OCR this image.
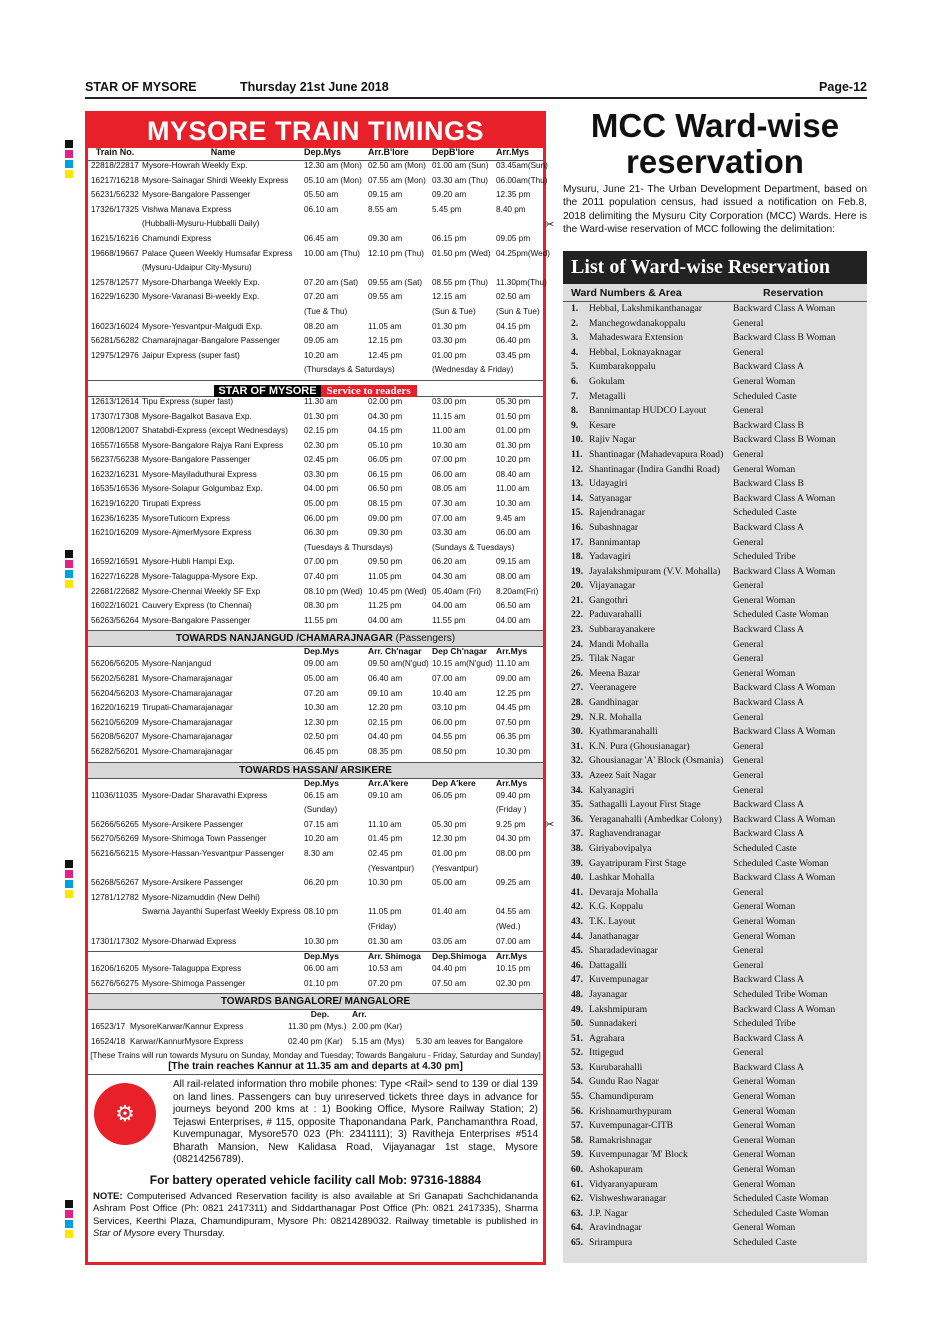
STAR OF MYSORE	Thursday 21st June 2018	Page-12
MYSORE TRAIN TIMINGS
Train No.	Name	Dep.Mys	Arr.B'lore	DepB'lore	Arr.Mys
22818/22817	Mysore-Howrah Weekly Exp.	12.30 am (Mon)	02.50 am (Mon)	01.00 am (Sun)	03.45am(Sun)
16217/16218	Mysore-Sainagar Shirdi Weekly Express	05.10 am (Mon)	07.55 am (Mon)	03.30 am (Thu)	06.00am(Thu)
56231/56232	Mysore-Bangalore Passenger	05.50 am	09.15 am	09.20 am	12.35 pm
17326/17325	Vishwa Manava Express	06.10 am	8.55 am	5.45 pm	8.40 pm
	(Hubballi-Mysuru-Hubballi Daily)				
16215/16216	Chamundi Express	06.45 am	09.30 am	06.15 pm	09.05 pm
19668/19667	Palace Queen Weekly Humsafar Express	10.00 am (Thu)	12.10 pm (Thu)	01.50 pm (Wed)	04.25pm(Wed)
	(Mysuru-Udaipur City-Mysuru)				
12578/12577	Mysore-Dharbanga Weekly Exp.	07.20 am (Sat)	09.55 am (Sat)	08.55 pm (Thu)	11.30pm(Thu)
16229/16230	Mysore-Varanasi Bi-weekly Exp.	07.20 am	09.55 am	12.15 am	02.50 am
		(Tue & Thu)		(Sun & Tue)	(Sun & Tue)
16023/16024	Mysore-Yesvantpur-Malgudi Exp.	08.20 am	11.05 am	01.30 pm	04.15 pm
56281/56282	Chamarajnagar-Bangalore Passenger	09.05 am	12.15 pm	03.30 pm	06.40 pm
12975/12976	Jaipur Express (super fast)	10.20 am	12.45 pm	01.00 pm	03.45 pm
		(Thursdays & Saturdays)		(Wednesday & Friday)	
STAR OF MYSORE Service to readers
12613/12614	Tipu Express (super fast)	11.30 am	02.00 pm	03.00 pm	05.30 pm
17307/17308	Mysore-Bagalkot Basava Exp.	01.30 pm	04.30 pm	11.15 am	01.50 pm
12008/12007	Shatabdi-Express (except Wednesdays)	02.15 pm	04.15 pm	11.00 am	01.00 pm
16557/16558	Mysore-Bangalore Rajya Rani Express	02.30 pm	05.10 pm	10.30 am	01.30 pm
56237/56238	Mysore-Bangalore Passenger	02.45 pm	06.05 pm	07.00 pm	10.20 pm
16232/16231	Mysore-Mayiladuthurai Express	03.30 pm	06.15 pm	06.00 am	08.40 am
16535/16536	Mysore-Solapur Golgumbaz Exp.	04.00 pm	06.50 pm	08.05 am	11.00 am
16219/16220	Tirupati Express	05.00 pm	08.15 pm	07.30 am	10.30 am
16236/16235	MysoreTuticorn Express	06.00 pm	09.00 pm	07.00 am	9.45 am
16210/16209	Mysore-AjmerMysore Express	06.30 pm	09.30 pm	03.30 am	06.00 am
		(Tuesdays & Thursdays)		(Sundays & Tuesdays)	
16592/16591	Mysore-Hubli Hampi Exp.	07.00 pm	09.50 pm	06.20 am	09.15 am
16227/16228	Mysore-Talaguppa-Mysore Exp.	07.40 pm	11.05 pm	04.30 am	08.00 am
22681/22682	Mysore-Chennai Weekly SF Exp	08.10 pm (Wed)	10.45 pm (Wed)	05.40am (Fri)	8.20am(Fri)
16022/16021	Cauvery Express (to Chennai)	08.30 pm	11.25 pm	04.00 am	06.50 am
56263/56264	Mysore-Bangalore Passenger	11.55 pm	04.00 am	11.55 pm	04.00 am
TOWARDS NANJANGUD /CHAMARAJNAGAR (Passengers)
		Dep.Mys	Arr. Ch'nagar	Dep Ch'nagar	Arr.Mys
56206/56205	Mysore-Nanjangud	09.00 am	09.50 am(N'gud)	10.15 am(N'gud)	11.10 am
56202/56281	Mysore-Chamarajanagar	05.00 am	06.40 am	07.00 am	09.00 am
56204/56203	Mysore-Chamarajanagar	07.20 am	09.10 am	10.40 am	12.25 pm
16220/16219	Tirupati-Chamarajanagar	10.30 am	12.20 pm	03.10 pm	04.45 pm
56210/56209	Mysore-Chamarajanagar	12.30 pm	02.15 pm	06.00 pm	07.50 pm
56208/56207	Mysore-Chamarajanagar	02.50 pm	04.40 pm	04.55 pm	06.35 pm
56282/56201	Mysore-Chamarajanagar	06.45 pm	08.35 pm	08.50 pm	10.30 pm
TOWARDS HASSAN/ ARSIKERE
		Dep.Mys	Arr.A'kere	Dep A'kere	Arr.Mys
11036/11035	Mysore-Dadar Sharavathi Express	06.15 am	09.10 am	06.05 pm	09.40 pm
		(Sunday)			(Friday )
56266/56265	Mysore-Arsikere Passenger	07.15 am	11.10 am	05.30 pm	9.25 pm
56270/56269	Mysore-Shimoga Town Passenger	10.20 am	01.45 pm	12.30 pm	04.30 pm
56216/56215	Mysore-Hassan-Yesvantpur Passenger	8.30 am	02.45 pm	01.00 pm	08.00 pm
			(Yesvantpur)	(Yesvantpur)	
56268/56267	Mysore-Arsikere Passenger	06.20 pm	10.30 pm	05.00 am	09.25 am
12781/12782	Mysore-Nizamuddin (New Delhi)				
	Swarna Jayanthi Superfast Weekly Express	08.10 pm	11.05 pm	01.40 am	04.55 am
			(Friday)		(Wed.)
17301/17302	Mysore-Dharwad Express	10.30 pm	01.30 am	03.05 am	07.00 am
		Dep.Mys	Arr. Shimoga	Dep.Shimoga	Arr.Mys
16206/16205	Mysore-Talaguppa Express	06.00 am	10.53 am	04.40 pm	10.15 pm
56276/56275	Mysore-Shimoga Passenger	01.10 pm	07.20 pm	07.50 am	02.30 pm
TOWARDS BANGALORE/ MANGALORE
		Dep.	Arr.	
16523/17	MysoreKarwar/Kannur Express	11.30 pm (Mys.)	2.00 pm (Kar)	
16524/18	Karwar/KannurMysore Express	02.40 pm (Kar)	5.15 am (Mys)	5.30 am leaves for Bangalore
[These Trains will run towards Mysuru on Sunday, Monday and Tuesday; Towards Bangaluru - Friday, Saturday and Sunday]
[The train reaches Kannur at 11.35 am and departs at 4.30 pm]
⚙
All rail-related information thro mobile phones: Type <Rail> send to 139 or dial 139 on land lines. Passengers can buy unreserved tickets three days in advance for journeys beyond 200 kms at : 1) Booking Office, Mysore Railway Station; 2) Tejaswi Enterprises, # 115, opposite Thaponandana Park, Panchamanthra Road, Kuvempunagar, Mysore570 023 (Ph: 2341111); 3) Ravitheja Enterprises #514 Bharath Mansion, New Kalidasa Road, Vijayanagar 1st stage, Mysore (08214256789).
For battery operated vehicle facility call Mob: 97316-18884
NOTE: Computerised Advanced Reservation facility is also available at Sri Ganapati Sachchidananda Ashram Post Office (Ph: 0821 2417311) and Siddarthanagar Post Office (Ph: 0821 2417335), Sharma Services, Keerthi Plaza, Chamundipuram, Mysore Ph: 08214289032. Railway timetable is published in Star of Mysore every Thursday.
✂
✂
MCC Ward-wise
reservation
Mysuru, June 21- The Urban Development Department, based on the 2011 population census, had issued a notification on Feb.8, 2018 delimiting the Mysuru City Corporation (MCC) Wards. Here is the Ward-wise reservation of MCC following the delimitation:
List of Ward-wise Reservation
Ward Numbers & Area	Reservation
1. Hebbal, Lakshmikanthanagar	Backward Class A Woman
2. Manchegowdanakoppalu	General
3. Mahadeswara Extension	Backward Class B Woman
4. Hebbal, Loknayaknagar	General
5. Kumbarakoppalu	Backward Class A
6. Gokulam	General Woman
7. Metagalli	Scheduled Caste
8. Bannimantap HUDCO Layout	General
9. Kesare	Backward Class B
10. Rajiv Nagar	Backward Class B Woman
11. Shantinagar (Mahadevapura Road)	General
12. Shantinagar (Indira Gandhi Road)	General Woman
13. Udayagiri	Backward Class B
14. Satyanagar	Backward Class A Woman
15. Rajendranagar	Scheduled Caste
16. Subashnagar	Backward Class A
17. Bannimantap	General
18. Yadavagiri	Scheduled Tribe
19. Jayalakshmipuram (V.V. Mohalla)	Backward Class A Woman
20. Vijayanagar	General
21. Gangothri	General Woman
22. Paduvarahalli	Scheduled Caste Woman
23. Subbarayanakere	Backward Class A
24. Mandi Mohalla	General
25. Tilak Nagar	General
26. Meena Bazar	General Woman
27. Veeranagere	Backward Class A Woman
28. Gandhinagar	Backward Class A
29. N.R. Mohalla	General
30. Kyathmaranahalli	Backward Class A Woman
31. K.N. Pura (Ghousianagar)	General
32. Ghousianagar 'A' Block (Osmania)	General
33. Azeez Sait Nagar	General
34. Kalyanagiri	General
35. Sathagalli Layout First Stage	Backward Class A
36. Yeraganahalli (Ambedkar Colony)	Backward Class A Woman
37. Raghavendranagar	Backward Class A
38. Giriyabovipalya	Scheduled Caste
39. Gayatripuram First Stage	Scheduled Caste Woman
40. Lashkar Mohalla	Backward Class A Woman
41. Devaraja Mohalla	General
42. K.G. Koppalu	General Woman
43. T.K. Layout	General Woman
44. Janathanagar	General Woman
45. Sharadadevinagar	General
46. Dattagalli	General
47. Kuvempunagar	Backward Class A
48. Jayanagar	Scheduled Tribe Woman
49. Lakshmipuram	Backward Class A Woman
50. Sunnadakeri	Scheduled Tribe
51. Agrahara	Backward Class A
52. Ittigegud	General
53. Kurubarahalli	Backward Class A
54. Gundu Rao Nagar	General Woman
55. Chamundipuram	General Woman
56. Krishnamurthypuram	General Woman
57. Kuvempunagar-CITB	General Woman
58. Ramakrishnagar	General Woman
59. Kuvempunagar 'M' Block	General Woman
60. Ashokapuram	General Woman
61. Vidyaranyapuram	General Woman
62. Vishweshwaranagar	Scheduled Caste Woman
63. J.P. Nagar	Scheduled Caste Woman
64. Aravindnagar	General Woman
65. Srirampura	Scheduled Caste
